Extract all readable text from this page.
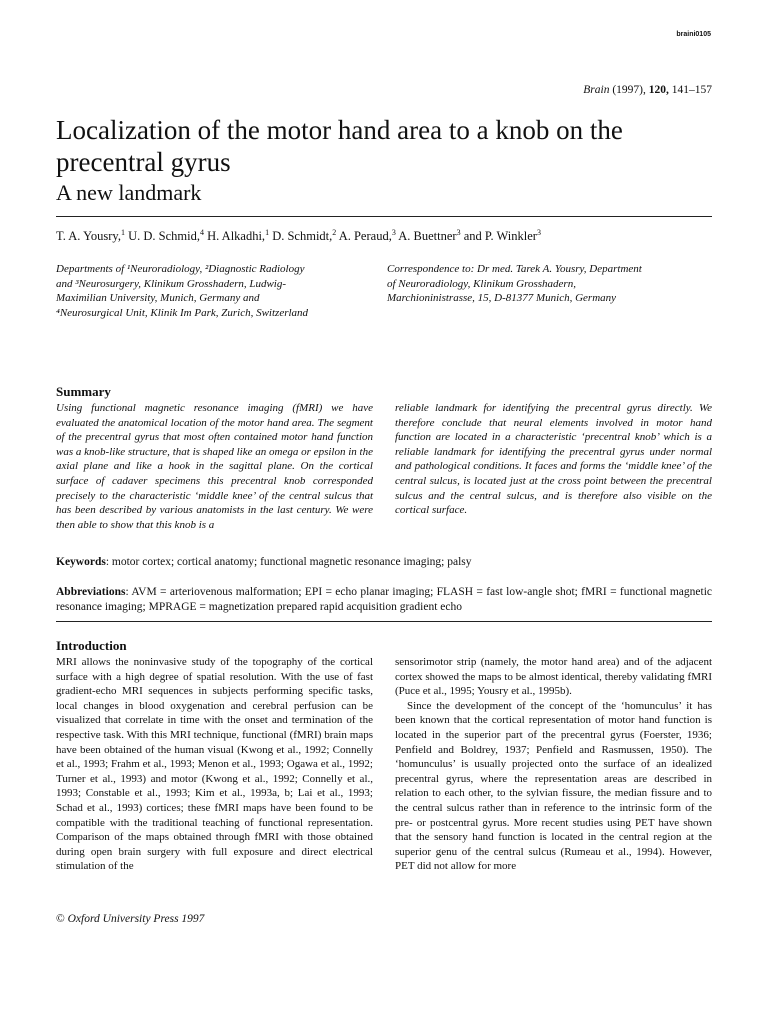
braini0105
Brain (1997), 120, 141–157
Localization of the motor hand area to a knob on the precentral gyrus
A new landmark
T. A. Yousry,$^1$ U. D. Schmid,$^4$ H. Alkadhi,$^1$ D. Schmidt,$^2$ A. Peraud,$^3$ A. Buettner$^3$ and P. Winkler$^3$
Departments of ¹Neuroradiology, ²Diagnostic Radiology
and ³Neurosurgery, Klinikum Grosshadern, Ludwig-
Maximilian University, Munich, Germany and
⁴Neurosurgical Unit, Klinik Im Park, Zurich, Switzerland
Correspondence to: Dr med. Tarek A. Yousry, Department
of Neuroradiology, Klinikum Grosshadern,
Marchioninistrasse, 15, D-81377 Munich, Germany
Summary
Using functional magnetic resonance imaging (fMRI) we have evaluated the anatomical location of the motor hand area. The segment of the precentral gyrus that most often contained motor hand function was a knob-like structure, that is shaped like an omega or epsilon in the axial plane and like a hook in the sagittal plane. On the cortical surface of cadaver specimens this precentral knob corresponded precisely to the characteristic ‘middle knee’ of the central sulcus that has been described by various anatomists in the last century. We were then able to show that this knob is a
reliable landmark for identifying the precentral gyrus directly. We therefore conclude that neural elements involved in motor hand function are located in a characteristic ‘precentral knob’ which is a reliable landmark for identifying the precentral gyrus under normal and pathological conditions. It faces and forms the ‘middle knee’ of the central sulcus, is located just at the cross point between the precentral sulcus and the central sulcus, and is therefore also visible on the cortical surface.
Keywords: motor cortex; cortical anatomy; functional magnetic resonance imaging; palsy
Abbreviations: AVM = arteriovenous malformation; EPI = echo planar imaging; FLASH = fast low-angle shot; fMRI = functional magnetic resonance imaging; MPRAGE = magnetization prepared rapid acquisition gradient echo
Introduction
MRI allows the noninvasive study of the topography of the cortical surface with a high degree of spatial resolution. With the use of fast gradient-echo MRI sequences in subjects performing specific tasks, local changes in blood oxygenation and cerebral perfusion can be visualized that correlate in time with the onset and termination of the respective task. With this MRI technique, functional (fMRI) brain maps have been obtained of the human visual (Kwong et al., 1992; Connelly et al., 1993; Frahm et al., 1993; Menon et al., 1993; Ogawa et al., 1992; Turner et al., 1993) and motor (Kwong et al., 1992; Connelly et al., 1993; Constable et al., 1993; Kim et al., 1993a, b; Lai et al., 1993; Schad et al., 1993) cortices; these fMRI maps have been found to be compatible with the traditional teaching of functional representation. Comparison of the maps obtained through fMRI with those obtained during open brain surgery with full exposure and direct electrical stimulation of the

sensorimotor strip (namely, the motor hand area) and of the adjacent cortex showed the maps to be almost identical, thereby validating fMRI (Puce et al., 1995; Yousry et al., 1995b).

Since the development of the concept of the ‘homunculus’ it has been known that the cortical representation of motor hand function is located in the superior part of the precentral gyrus (Foerster, 1936; Penfield and Boldrey, 1937; Penfield and Rasmussen, 1950). The ‘homunculus’ is usually projected onto the surface of an idealized precentral gyrus, where the representation areas are described in relation to each other, to the sylvian fissure, the median fissure and to the central sulcus rather than in reference to the intrinsic form of the pre- or postcentral gyrus. More recent studies using PET have shown that the sensory hand function is located in the central region at the superior genu of the central sulcus (Rumeau et al., 1994). However, PET did not allow for more

© Oxford University Press 1997
